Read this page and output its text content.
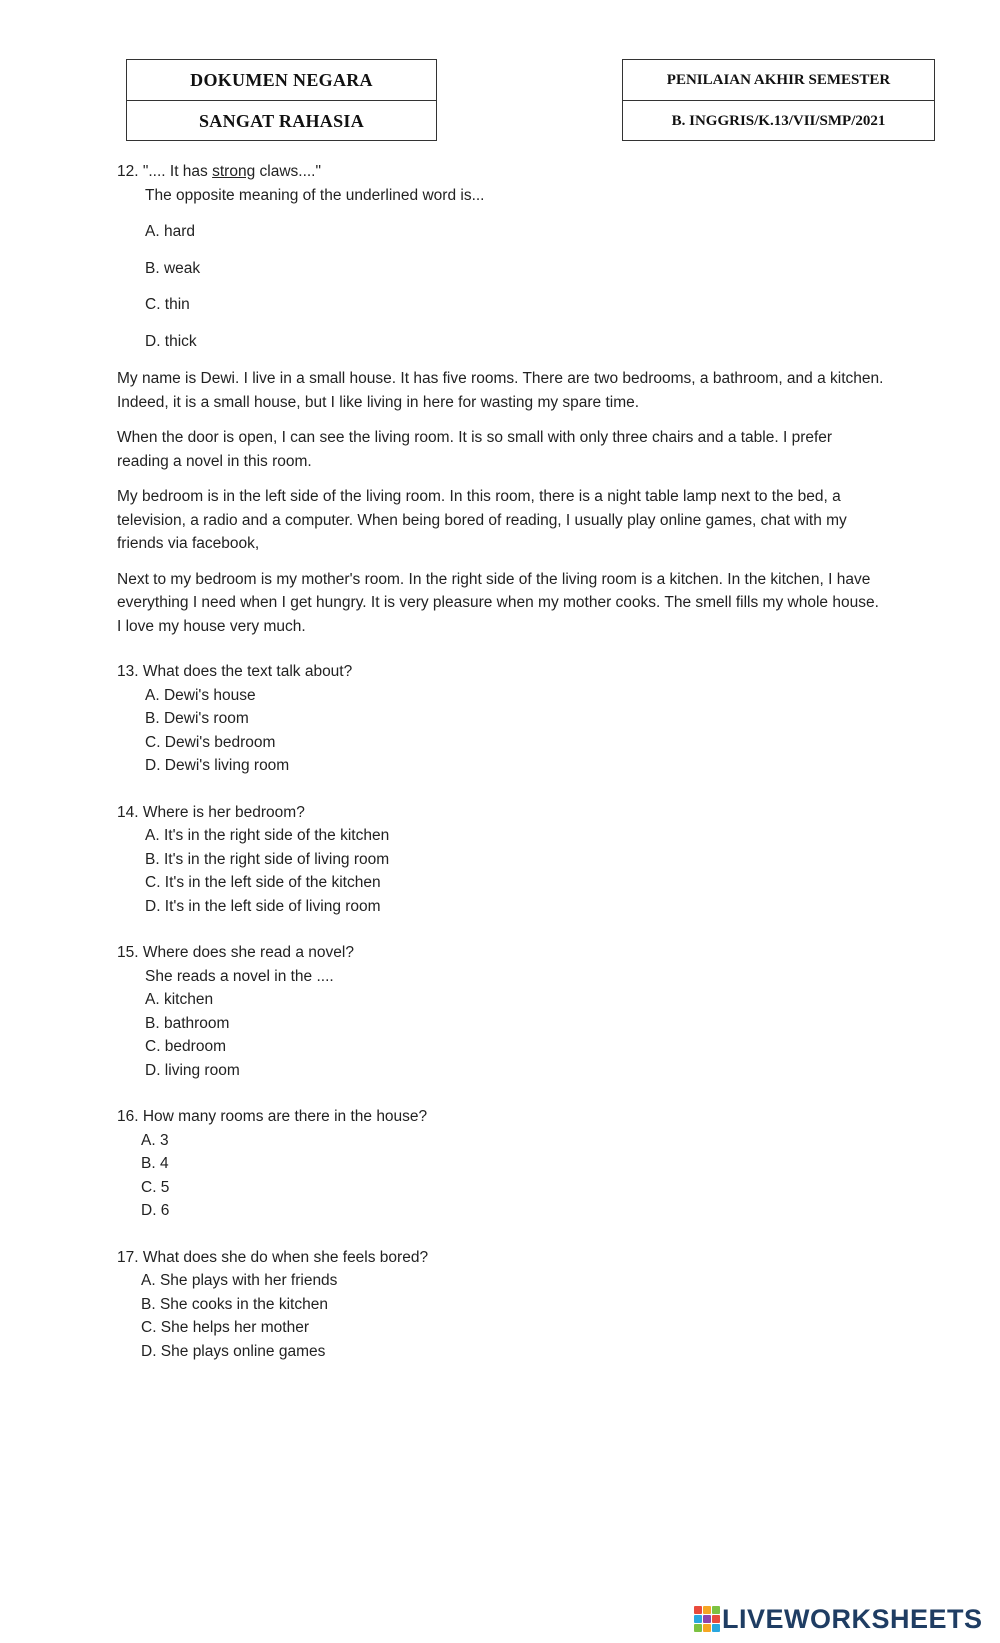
DOKUMEN NEGARA
SANGAT RAHASIA
PENILAIAN AKHIR SEMESTER
B. INGGRIS/K.13/VII/SMP/2021
12. ".... It has strong claws...."
The opposite meaning of the underlined word is...
A. hard
B. weak
C. thin
D. thick

My name is Dewi. I live in a small house. It has five rooms. There are two bedrooms, a bathroom, and a kitchen. Indeed, it is a small house, but I like living in here for wasting my spare time.

When the door is open, I can see the living room. It is so small with only three chairs and a table. I prefer reading a novel in this room.

My bedroom is in the left side of the living room. In this room, there is a night table lamp next to the bed, a television, a radio and a computer. When being bored of reading, I usually play online games, chat with my friends via facebook,

Next to my bedroom is my mother's room. In the right side of the living room is a kitchen. In the kitchen, I have everything I need when I get hungry. It is very pleasure when my mother cooks. The smell fills my whole house. I love my house very much.

13. What does the text talk about?
A. Dewi's house
B. Dewi's room
C. Dewi's bedroom
D. Dewi's living room
14. Where is her bedroom?
A. It's in the right side of the kitchen
B. It's in the right side of living room
C. It's in the left side of the kitchen
D. It's in the left side of living room
15. Where does she read a novel?
She reads a novel in the ....
A. kitchen
B. bathroom
C. bedroom
D. living room
16. How many rooms are there in the house?
A. 3
B. 4
C. 5
D. 6
17. What does she do when she feels bored?
A. She plays with her friends
B. She cooks in the kitchen
C. She helps her mother
D. She plays online games
LIVEWORKSHEETS
